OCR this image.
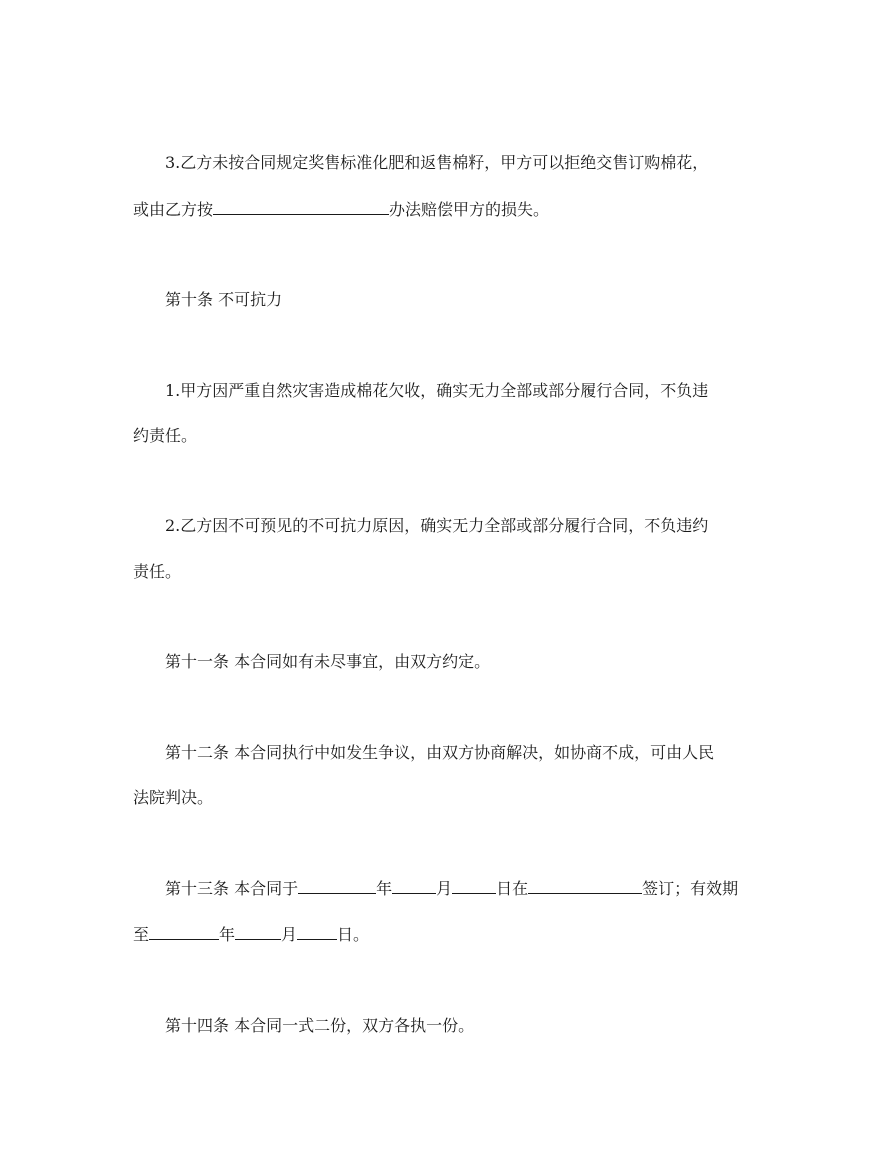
3.乙方未按合同规定奖售标准化肥和返售棉籽，甲方可以拒绝交售订购棉花，
或由乙方按	办法赔偿甲方的损失。
第十条 不可抗力
1.甲方因严重自然灾害造成棉花欠收，确实无力全部或部分履行合同，不负违
约责任。
2.乙方因不可预见的不可抗力原因，确实无力全部或部分履行合同，不负违约
责任。
第十一条 本合同如有未尽事宜，由双方约定。
第十二条 本合同执行中如发生争议，由双方协商解决，如协商不成，可由人民
法院判决。
第十三条 本合同于	年	月	日在	签订；有效期
至	年	月	日。
第十四条 本合同一式二份，双方各执一份。
